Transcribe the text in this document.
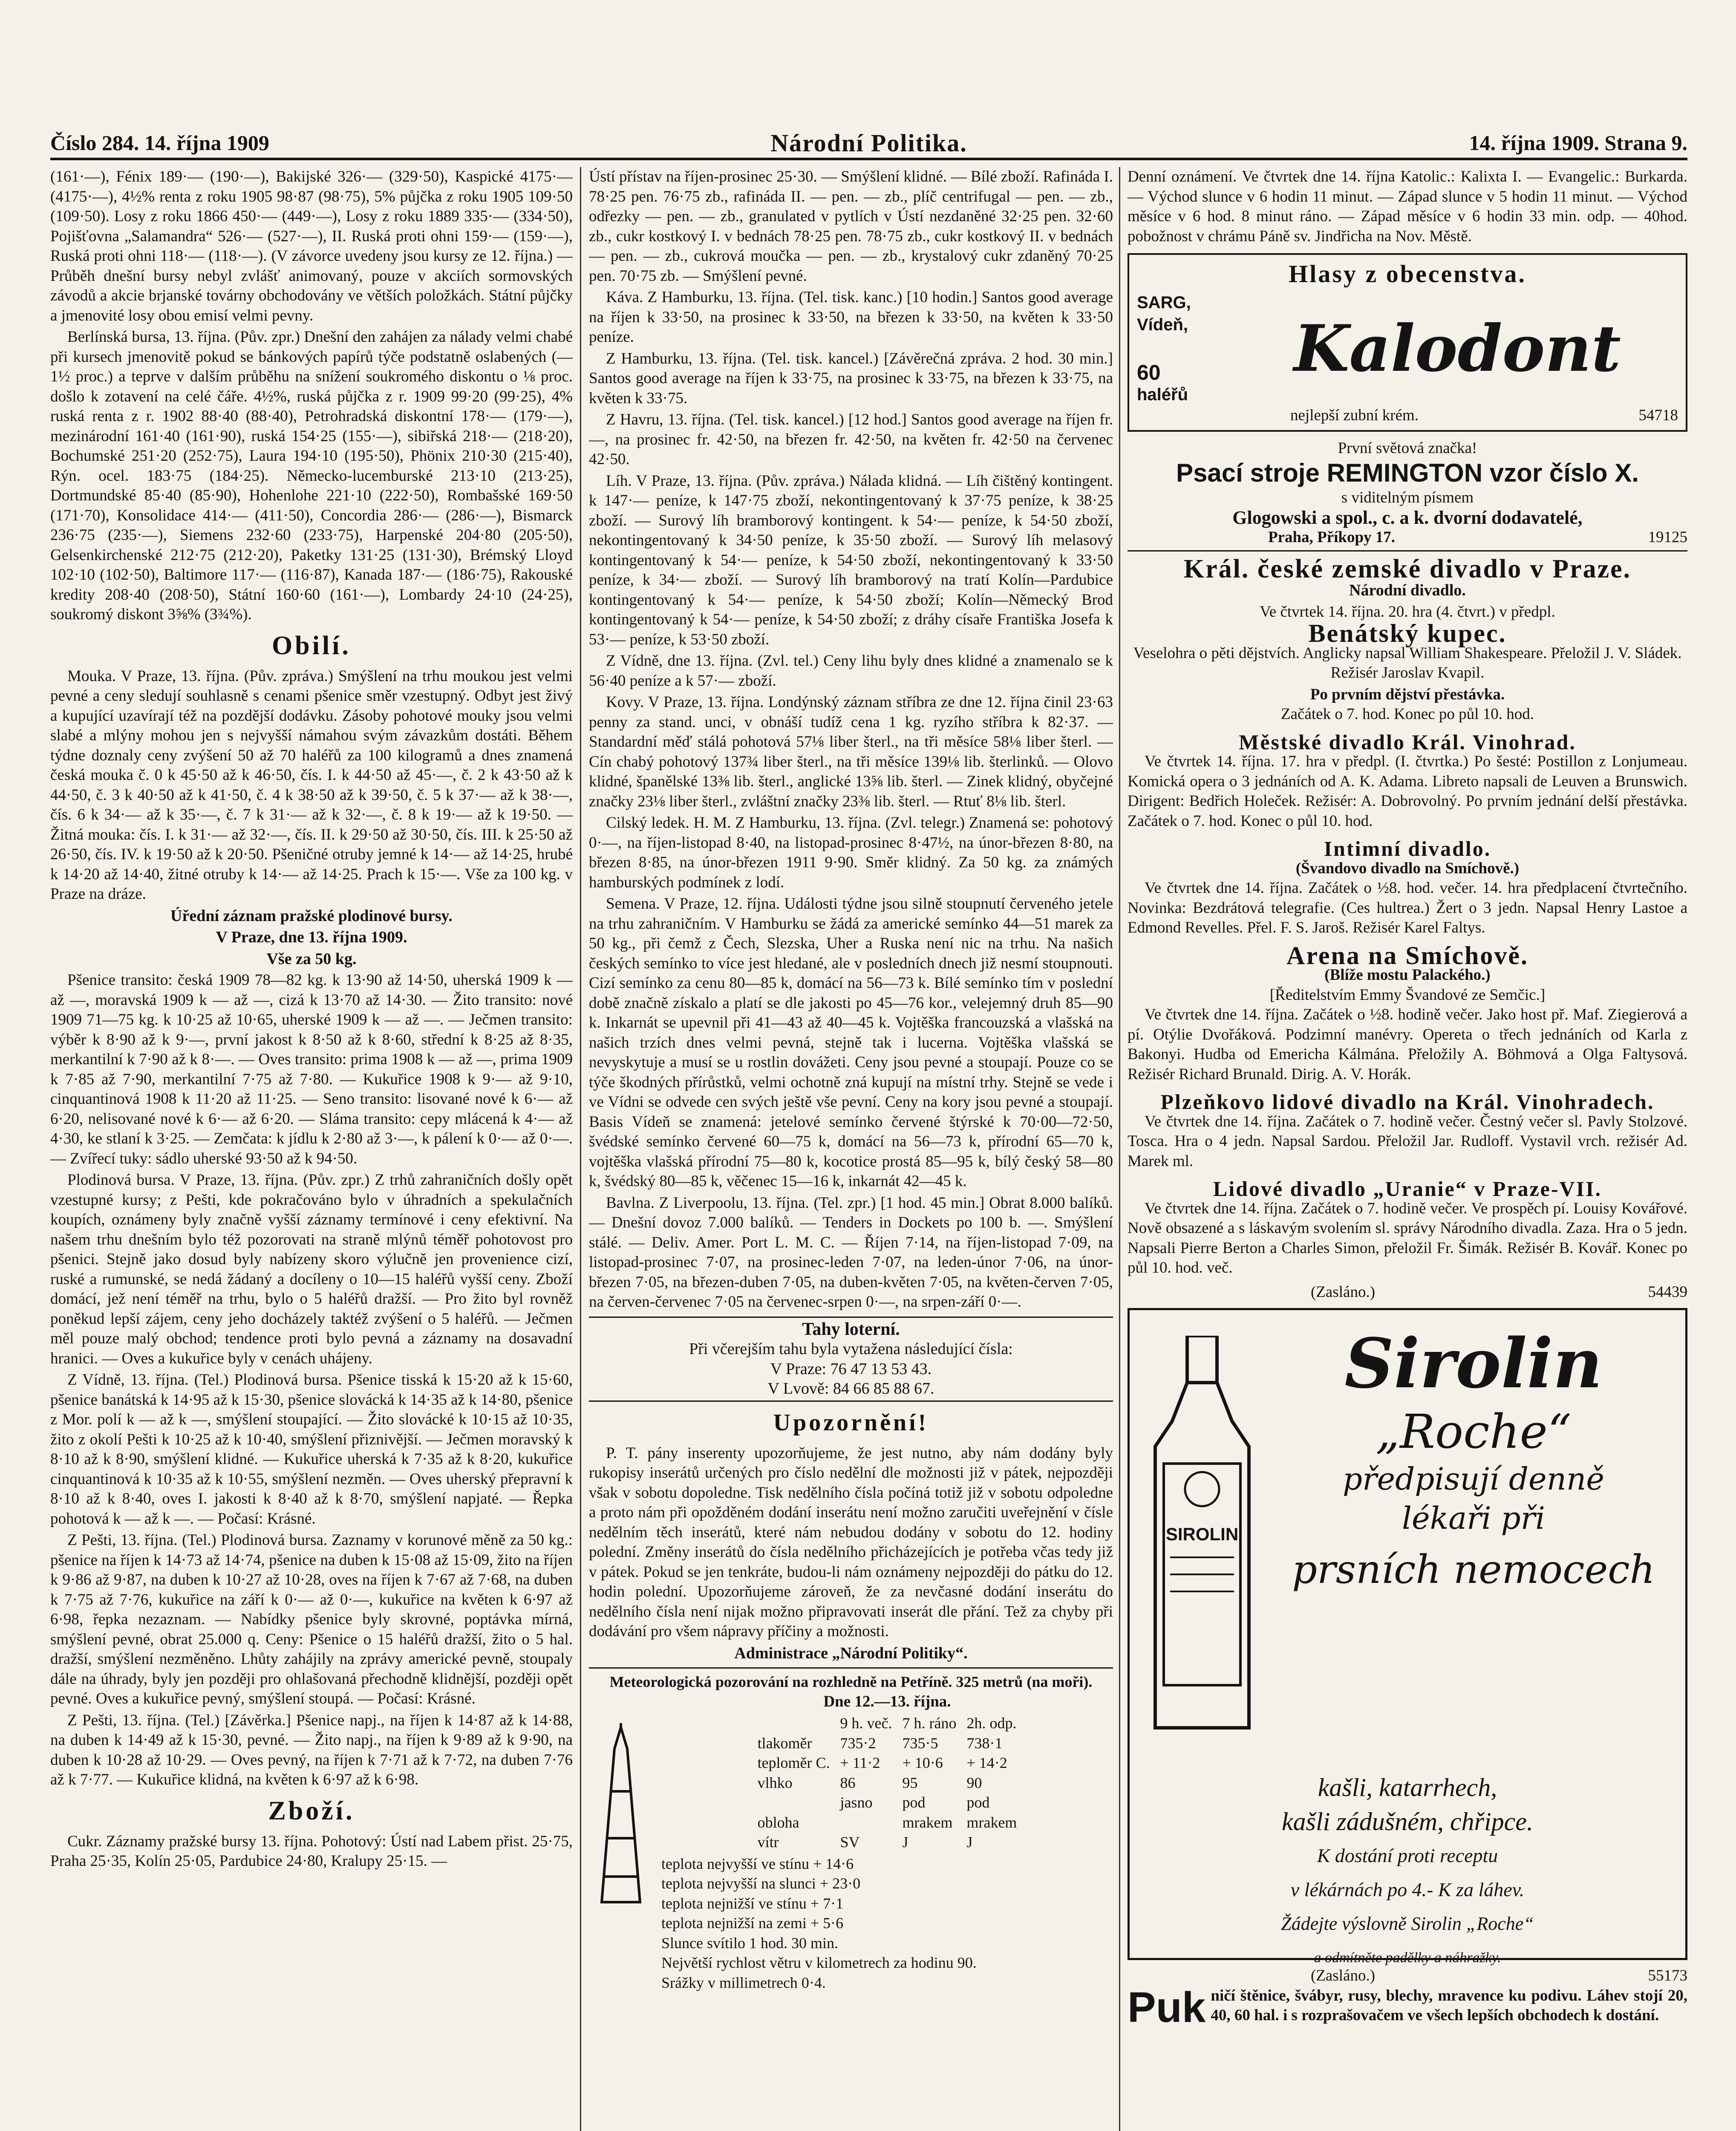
Číslo 284. 14. října 1909	Národní Politika.	14. října 1909. Strana 9.

(161·—), Fénix 189·— (190·—), Bakijské 326·— (329·50), Kaspické 4175·— (4175·—), 4½% renta z roku 1905 98·87 (98·75), 5% půjčka z roku 1905 109·50 (109·50). Losy z roku 1866 450·— (449·—), Losy z roku 1889 335·— (334·50), Pojišťovna „Salamandra“ 526·— (527·—), II. Ruská proti ohni 159·— (159·—), Ruská proti ohni 118·— (118·—). (V závorce uvedeny jsou kursy ze 12. října.) — Průběh dnešní bursy nebyl zvlášť animovaný, pouze v akciích sormovských závodů a akcie brjanské továrny obchodovány ve větších položkách. Státní půjčky a jmenovité losy obou emisí velmi pevny.

Berlínská bursa, 13. října. (Pův. zpr.) Dnešní den zahájen za nálady velmi chabé při kursech jmenovitě pokud se bánkových papírů týče podstatně oslabených (— 1½ proc.) a teprve v dalším průběhu na snížení soukromého diskontu o ⅛ proc. došlo k zotavení na celé čáře. 4½%, ruská půjčka z r. 1909 99·20 (99·25), 4% ruská renta z r. 1902 88·40 (88·40), Petrohradská diskontní 178·— (179·—), mezinárodní 161·40 (161·90), ruská 154·25 (155·—), sibiřská 218·— (218·20), Bochumské 251·20 (252·75), Laura 194·10 (195·50), Phönix 210·30 (215·40), Rýn. ocel. 183·75 (184·25). Německo-lucemburské 213·10 (213·25), Dortmundské 85·40 (85·90), Hohenlohe 221·10 (222·50), Rombašské 169·50 (171·70), Konsolidace 414·— (411·50), Concordia 286·— (286·—), Bismarck 236·75 (235·—), Siemens 232·60 (233·75), Harpenské 204·80 (205·50), Gelsenkirchenské 212·75 (212·20), Paketky 131·25 (131·30), Brémský Lloyd 102·10 (102·50), Baltimore 117·— (116·87), Kanada 187·— (186·75), Rakouské kredity 208·40 (208·50), Státní 160·60 (161·—), Lombardy 24·10 (24·25), soukromý diskont 3⅝% (3¾%).

Obilí.

Mouka. V Praze, 13. října. (Pův. zpráva.) Smýšlení na trhu moukou jest velmi pevné a ceny sledují souhlasně s cenami pšenice směr vzestupný. Odbyt jest živý a kupující uzavírají též na pozdější dodávku. Zásoby pohotové mouky jsou velmi slabé a mlýny mohou jen s nejvyšší námahou svým závazkům dostáti. Během týdne doznaly ceny zvýšení 50 až 70 haléřů za 100 kilogramů a dnes znamená česká mouka č. 0 k 45·50 až k 46·50, čís. I. k 44·50 až 45·—, č. 2 k 43·50 až k 44·50, č. 3 k 40·50 až k 41·50, č. 4 k 38·50 až k 39·50, č. 5 k 37·— až k 38·—, čís. 6 k 34·— až k 35·—, č. 7 k 31·— až k 32·—, č. 8 k 19·— až k 19·50. — Žitná mouka: čís. I. k 31·— až 32·—, čís. II. k 29·50 až 30·50, čís. III. k 25·50 až 26·50, čís. IV. k 19·50 až k 20·50. Pšeničné otruby jemné k 14·— až 14·25, hrubé k 14·20 až 14·40, žitné otruby k 14·— až 14·25. Prach k 15·—. Vše za 100 kg. v Praze na dráze.

Úřední záznam pražské plodinové bursy.
V Praze, dne 13. října 1909.
Vše za 50 kg.

Pšenice transito: česká 1909 78—82 kg. k 13·90 až 14·50, uherská 1909 k — až —, moravská 1909 k — až —, cizá k 13·70 až 14·30. — Žito transito: nové 1909 71—75 kg. k 10·25 až 10·65, uherské 1909 k — až —. — Ječmen transito: výběr k 8·90 až k 9·—, první jakost k 8·50 až k 8·60, střední k 8·25 až 8·35, merkantilní k 7·90 až k 8·—. — Oves transito: prima 1908 k — až —, prima 1909 k 7·85 až 7·90, merkantilní 7·75 až 7·80. — Kukuřice 1908 k 9·— až 9·10, cinquantinová 1908 k 11·20 až 11·25. — Seno transito: lisované nové k 6·— až 6·20, nelisované nové k 6·— až 6·20. — Sláma transito: cepy mlácená k 4·— až 4·30, ke stlaní k 3·25. — Zemčata: k jídlu k 2·80 až 3·—, k pálení k 0·— až 0·—. — Zvířecí tuky: sádlo uherské 93·50 až k 94·50.

Plodinová bursa. V Praze, 13. října. (Pův. zpr.) Z trhů zahraničních došly opět vzestupné kursy; z Pešti, kde pokračováno bylo v úhradních a spekulačních koupích, oznámeny byly značně vyšší záznamy termínové i ceny efektivní. Na našem trhu dnešním bylo též pozorovati na straně mlýnů téměř pohotovost pro pšenici. Stejně jako dosud byly nabízeny skoro výlučně jen provenience cizí, ruské a rumunské, se nedá žádaný a docíleny o 10—15 haléřů vyšší ceny. Zboží domácí, jež není téměř na trhu, bylo o 5 haléřů dražší. — Pro žito byl rovněž poněkud lepší zájem, ceny jeho docházely taktéž zvýšení o 5 haléřů. — Ječmen měl pouze malý obchod; tendence proti bylo pevná a záznamy na dosavadní hranici. — Oves a kukuřice byly v cenách uhájeny.

Z Vídně, 13. října. (Tel.) Plodinová bursa. Pšenice tisská k 15·20 až k 15·60, pšenice banátská k 14·95 až k 15·30, pšenice slovácká k 14·35 až k 14·80, pšenice z Mor. polí k — až k —, smýšlení stoupající. — Žito slovácké k 10·15 až 10·35, žito z okolí Pešti k 10·25 až k 10·40, smýšlení přiznivější. — Ječmen moravský k 8·10 až k 8·90, smýšlení klidné. — Kukuřice uherská k 7·35 až k 8·20, kukuřice cinquantinová k 10·35 až k 10·55, smýšlení nezměn. — Oves uherský přepravní k 8·10 až k 8·40, oves I. jakosti k 8·40 až k 8·70, smýšlení napjaté. — Řepka pohotová k — až k —. — Počasí: Krásné.

Z Pešti, 13. října. (Tel.) Plodinová bursa. Zaznamy v korunové měně za 50 kg.: pšenice na říjen k 14·73 až 14·74, pšenice na duben k 15·08 až 15·09, žito na říjen k 9·86 až 9·87, na duben k 10·27 až 10·28, oves na říjen k 7·67 až 7·68, na duben k 7·75 až 7·76, kukuřice na září k 0·— až 0·—, kukuřice na květen k 6·97 až 6·98, řepka nezaznam. — Nabídky pšenice byly skrovné, poptávka mírná, smýšlení pevné, obrat 25.000 q. Ceny: Pšenice o 15 haléřů dražší, žito o 5 hal. dražší, smýšlení nezměněno. Lhůty zahájily na zprávy americké pevně, stoupaly dále na úhrady, byly jen později pro ohlašovaná přechodně klidnější, později opět pevné. Oves a kukuřice pevný, smýšlení stoupá. — Počasí: Krásné.

Z Pešti, 13. října. (Tel.) [Závěrka.] Pšenice napj., na říjen k 14·87 až k 14·88, na duben k 14·49 až k 15·30, pevné. — Žito napj., na říjen k 9·89 až k 9·90, na duben k 10·28 až 10·29. — Oves pevný, na říjen k 7·71 až k 7·72, na duben 7·76 až k 7·77. — Kukuřice klidná, na květen k 6·97 až k 6·98.

Zboží.

Cukr. Záznamy pražské bursy 13. října. Pohotový: Ústí nad Labem přist. 25·75, Praha 25·35, Kolín 25·05, Pardubice 24·80, Kralupy 25·15. —

Ústí přístav na říjen-prosinec 25·30. — Smýšlení klidné. — Bílé zboží. Rafináda I. 78·25 pen. 76·75 zb., rafináda II. — pen. — zb., plíč centrifugal — pen. — zb., odřezky — pen. — zb., granulated v pytlích v Ústí nezdaněné 32·25 pen. 32·60 zb., cukr kostkový I. v bednách 78·25 pen. 78·75 zb., cukr kostkový II. v bednách — pen. — zb., cukrová moučka — pen. — zb., krystalový cukr zdaněný 70·25 pen. 70·75 zb. — Smýšlení pevné.

Káva. Z Hamburku, 13. října. (Tel. tisk. kanc.) [10 hodin.] Santos good average na říjen k 33·50, na prosinec k 33·50, na březen k 33·50, na květen k 33·50 peníze.

Z Hamburku, 13. října. (Tel. tisk. kancel.) [Závěrečná zpráva. 2 hod. 30 min.] Santos good average na říjen k 33·75, na prosinec k 33·75, na březen k 33·75, na květen k 33·75.

Z Havru, 13. října. (Tel. tisk. kancel.) [12 hod.] Santos good average na říjen fr. —, na prosinec fr. 42·50, na březen fr. 42·50, na květen fr. 42·50 na červenec 42·50.

Líh. V Praze, 13. října. (Pův. zpráva.) Nálada klidná. — Líh čištěný kontingent. k 147·— peníze, k 147·75 zboží, nekontingentovaný k 37·75 peníze, k 38·25 zboží. — Surový líh bramborový kontingent. k 54·— peníze, k 54·50 zboží, nekontingentovaný k 34·50 peníze, k 35·50 zboží. — Surový líh melasový kontingentovaný k 54·— peníze, k 54·50 zboží, nekontingentovaný k 33·50 peníze, k 34·— zboží. — Surový líh bramborový na tratí Kolín—Pardubice kontingentovaný k 54·— peníze, k 54·50 zboží; Kolín—Německý Brod kontingentovaný k 54·— peníze, k 54·50 zboží; z dráhy císaře Františka Josefa k 53·— peníze, k 53·50 zboží.

Z Vídně, dne 13. října. (Zvl. tel.) Ceny lihu byly dnes klidné a znamenalo se k 56·40 peníze a k 57·— zboží.

Kovy. V Praze, 13. října. Londýnský záznam stříbra ze dne 12. října činil 23·63 penny za stand. unci, v obnáší tudíž cena 1 kg. ryzího stříbra k 82·37. — Standardní měď stálá pohotová 57⅛ liber šterl., na tři měsíce 58⅛ liber šterl. — Cín chabý pohotový 137¾ liber šterl., na tři měsíce 139⅛ lib. šterlinků. — Olovo klidné, španělské 13⅜ lib. šterl., anglické 13⅝ lib. šterl. — Zinek klidný, obyčejné značky 23⅛ liber šterl., zvláštní značky 23⅜ lib. šterl. — Rtuť 8⅛ lib. šterl.

Cilský ledek. H. M. Z Hamburku, 13. října. (Zvl. telegr.) Znamená se: pohotový 0·—, na říjen-listopad 8·40, na listopad-prosinec 8·47½, na únor-březen 8·80, na březen 8·85, na únor-březen 1911 9·90. Směr klidný. Za 50 kg. za známých hamburských podmínek z lodí.

Semena. V Praze, 12. října. Události týdne jsou silně stoupnutí červeného jetele na trhu zahraničním. V Hamburku se žádá za americké semínko 44—51 marek za 50 kg., při čemž z Čech, Slezska, Uher a Ruska není nic na trhu. Na našich českých semínko to více jest hledané, ale v posledních dnech již nesmí stoupnouti. Cizí semínko za cenu 80—85 k, domácí na 56—73 k. Bílé semínko tím v poslední době značně získalo a platí se dle jakosti po 45—76 kor., velejemný druh 85—90 k. Inkarnát se upevnil při 41—43 až 40—45 k. Vojtěška francouzská a vlašská na našich trzích dnes velmi pevná, stejně tak i lucerna. Vojtěška vlašská se nevyskytuje a musí se u rostlin dovážeti. Ceny jsou pevné a stoupají. Pouze co se týče škodných přírůstků, velmi ochotně zná kupují na místní trhy. Stejně se vede i ve Vídni se odvede cen svých ještě vše pevní. Ceny na kory jsou pevné a stoupají. Basis Vídeň se znamená: jetelové semínko červené štýrské k 70·00—72·50, švédské semínko červené 60—75 k, domácí na 56—73 k, přírodní 65—70 k, vojtěška vlašská přírodní 75—80 k, kocotice prostá 85—95 k, bílý český 58—80 k, švédský 80—85 k, věčenec 15—16 k, inkarnát 42—45 k.

Bavlna. Z Liverpoolu, 13. října. (Tel. zpr.) [1 hod. 45 min.] Obrat 8.000 balíků. — Dnešní dovoz 7.000 balíků. — Tenders in Dockets po 100 b. —. Smýšlení stálé. — Deliv. Amer. Port L. M. C. — Říjen 7·14, na říjen-listopad 7·09, na listopad-prosinec 7·07, na prosinec-leden 7·07, na leden-únor 7·06, na únor-březen 7·05, na březen-duben 7·05, na duben-květen 7·05, na květen-červen 7·05, na červen-červenec 7·05 na červenec-srpen 0·—, na srpen-září 0·—.

Tahy loterní.
Při včerejším tahu byla vytažena následující čísla:
V Praze: 76 47 13 53 43.
V Lvově: 84 66 85 88 67.
Upozornění!

P. T. pány inserenty upozorňujeme, že jest nutno, aby nám dodány byly rukopisy inserátů určených pro číslo nedělní dle možnosti již v pátek, nejpozději však v sobotu dopoledne. Tisk nedělního čísla počíná totiž již v sobotu odpoledne a proto nám při opožděném dodání inserátu není možno zaručiti uveřejnění v čísle nedělním těch inserátů, které nám nebudou dodány v sobotu do 12. hodiny polední. Změny inserátů do čísla nedělního přicházejících je potřeba včas tedy již v pátek. Pokud se jen tenkráte, budou-li nám oznámeny nejpozději do pátku do 12. hodin polední. Upozorňujeme zároveň, že za nevčasné dodání inserátu do nedělního čísla není nijak možno připravovati inserát dle přání. Tež za chyby při dodávání pro všem nápravy příčiny a možnosti.

Administrace „Národní Politiky“.
Meteorologická pozorování na rozhledně na Petříně. 325 metrů (na moři).
Dne 12.—13. října.
	9 h. več.	7 h. ráno	2h. odp.
tlakoměr	735·2	735·5	738·1
teploměr C.	+ 11·2	+ 10·6	+ 14·2
vlhko	86	95	90
	jasno	pod	pod
obloha		mrakem	mrakem
vítr	SV	J	J
teplota nejvyšší ve stínu + 14·6
teplota nejvyšší na slunci + 23·0
teplota nejnižší ve stínu + 7·1
teplota nejnižší na zemi + 5·6
Slunce svítilo 1 hod. 30 min.
Největší rychlost větru v kilometrech za hodinu 90.
Srážky v millimetrech 0·4.

Denní oznámení. Ve čtvrtek dne 14. října Katolic.: Kalixta I. — Evangelic.: Burkarda. — Východ slunce v 6 hodin 11 minut. — Západ slunce v 5 hodin 11 minut. — Východ měsíce v 6 hod. 8 minut ráno. — Západ měsíce v 6 hodin 33 min. odp. — 40hod. pobožnost v chrámu Páně sv. Jindřicha na Nov. Městě.

Hlasy z obecenstva.
SARG,
Vídeň,
60
haléřů
Kalodont
nejlepší zubní krém.	54718
První světová značka!
Psací stroje REMINGTON vzor číslo X.
s viditelným písmem
Glogowski a spol., c. a k. dvorní dodavatelé,
Praha, Příkopy 17.	19125
Král. české zemské divadlo v Praze.
Národní divadlo.
Ve čtvrtek 14. října. 20. hra (4. čtvrt.) v předpl.
Benátský kupec.

Veselohra o pěti dějstvích. Anglicky napsal William Shakespeare. Přeložil J. V. Sládek. Režisér Jaroslav Kvapil.

Po prvním dějství přestávka.
Začátek o 7. hod. Konec po půl 10. hod.
Městské divadlo Král. Vinohrad.

Ve čtvrtek 14. října. 17. hra v předpl. (I. čtvrtka.) Po šesté: Postillon z Lonjumeau. Komická opera o 3 jednáních od A. K. Adama. Libreto napsali de Leuven a Brunswich. Dirigent: Bedřich Holeček. Režisér: A. Dobrovolný. Po prvním jednání delší přestávka. Začátek o 7. hod. Konec o půl 10. hod.

Intimní divadlo.
(Švandovo divadlo na Smíchově.)

Ve čtvrtek dne 14. října. Začátek o ½8. hod. večer. 14. hra předplacení čtvrtečního. Novinka: Bezdrátová telegrafie. (Ces hultrea.) Žert o 3 jedn. Napsal Henry Lastoe a Edmond Revelles. Přel. F. S. Jaroš. Režisér Karel Faltys.

Arena na Smíchově.
(Blíže mostu Palackého.)
[Ředitelstvím Emmy Švandové ze Semčic.]

Ve čtvrtek dne 14. října. Začátek o ½8. hodině večer. Jako host př. Maf. Ziegierová a pí. Otýlie Dvořáková. Podzimní manévry. Opereta o třech jednáních od Karla z Bakonyi. Hudba od Emericha Kálmána. Přeložily A. Böhmová a Olga Faltysová. Režisér Richard Brunald. Dirig. A. V. Horák.

Plzeňkovo lidové divadlo na Král. Vinohradech.

Ve čtvrtek dne 14. října. Začátek o 7. hodině večer. Čestný večer sl. Pavly Stolzové. Tosca. Hra o 4 jedn. Napsal Sardou. Přeložil Jar. Rudloff. Vystavil vrch. režisér Ad. Marek ml.

Lidové divadlo „Uranie“ v Praze-VII.

Ve čtvrtek dne 14. října. Začátek o 7. hodině večer. Ve prospěch pí. Louisy Kovářové. Nově obsazené a s láskavým svolením sl. správy Národního divadla. Zaza. Hra o 5 jedn. Napsali Pierre Berton a Charles Simon, přeložil Fr. Šimák. Režisér B. Kovář. Konec po půl 10. hod. več.

(Zasláno.)	54439
SIROLIN
Sirolin
„Roche“
předpisují denně
lékaři při
prsních nemocech
kašli, katarrhech,
kašli zádušném, chřipce.
K dostání proti receptu
v lékárnách po 4.- K za láhev.
Žádejte výslovně Sirolin „Roche“
a odmítněte padělky a náhražky.
(Zasláno.)	55173
Puk ničí štěnice, švábyr, rusy, blechy, mravence ku podivu. Láhev stojí 20, 40, 60 hal. i s rozprašovačem ve všech lepších obchodech k dostání.
